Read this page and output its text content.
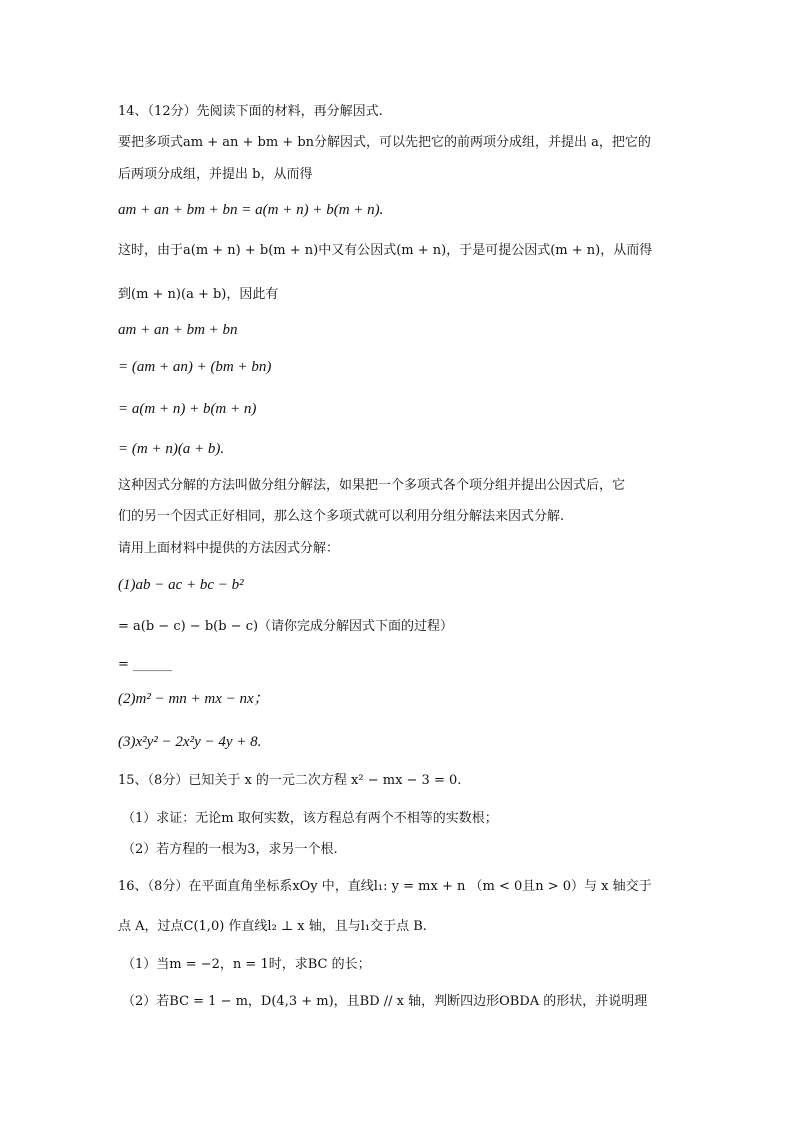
14、（12分）先阅读下面的材料，再分解因式.
要把多项式am + an + bm + bn分解因式，可以先把它的前两项分成组，并提出 a，把它的
后两项分成组，并提出 b，从而得
am + an + bm + bn = a(m + n) + b(m + n).
这时，由于a(m + n) + b(m + n)中又有公因式(m + n)，于是可提公因式(m + n)，从而得
到(m + n)(a + b)，因此有
am + an + bm + bn
= (am + an) + (bm + bn)
= a(m + n) + b(m + n)
= (m + n)(a + b).
这种因式分解的方法叫做分组分解法，如果把一个多项式各个项分组并提出公因式后，它
们的另一个因式正好相同，那么这个多项式就可以利用分组分解法来因式分解.
请用上面材料中提供的方法因式分解：
(1)ab − ac + bc − b²
= a(b − c) − b(b − c)（请你完成分解因式下面的过程）
= ______
(2)m² − mn + mx − nx；
(3)x²y² − 2x²y − 4y + 8.
15、（8分）已知关于 x 的一元二次方程 x² − mx − 3 = 0.
（1）求证：无论m 取何实数，该方程总有两个不相等的实数根；
（2）若方程的一根为3，求另一个根.
16、（8分）在平面直角坐标系xOy 中，直线l₁: y = mx + n （m < 0且n > 0）与 x 轴交于
点 A，过点C(1,0) 作直线l₂ ⊥ x 轴，且与l₁交于点 B.
（1）当m = −2，n = 1时，求BC 的长；
（2）若BC = 1 − m，D(4,3 + m)，且BD // x 轴，判断四边形OBDA 的形状，并说明理
